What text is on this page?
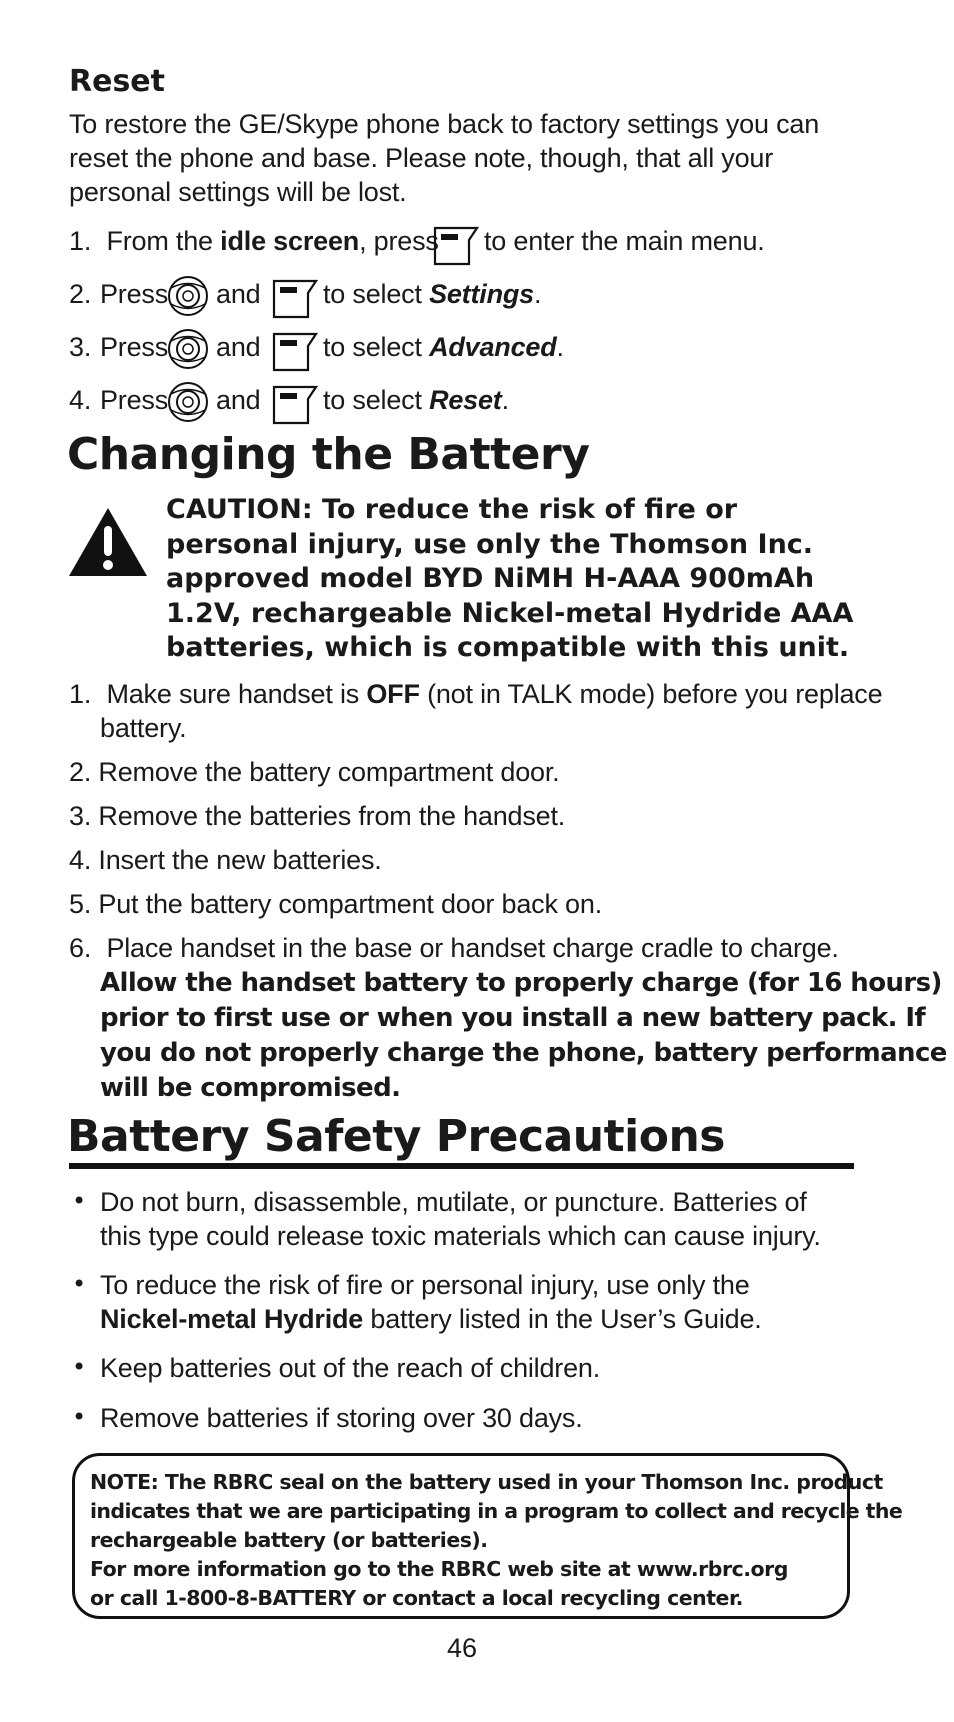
Reset
To restore the GE/Skype phone back to factory settings you can
reset the phone and base. Please note, though, that all your
personal settings will be lost.
1. From the idle screen, press to enter the main menu.
2. Press and to select Settings.
3. Press and to select Advanced.
4. Press and to select Reset.
Changing the Battery
CAUTION: To reduce the risk of fire or
personal injury, use only the Thomson Inc.
approved model BYD NiMH H-AAA 900mAh
1.2V, rechargeable Nickel-metal Hydride AAA
batteries, which is compatible with this unit.
1. Make sure handset is OFF (not in TALK mode) before you replace
battery.
2. Remove the battery compartment door.
3. Remove the batteries from the handset.
4. Insert the new batteries.
5. Put the battery compartment door back on.
6. Place handset in the base or handset charge cradle to charge.
Allow the handset battery to properly charge (for 16 hours)
prior to first use or when you install a new battery pack. If
you do not properly charge the phone, battery performance
will be compromised.
Battery Safety Precautions
• Do not burn, disassemble, mutilate, or puncture. Batteries of
this type could release toxic materials which can cause injury.
• To reduce the risk of fire or personal injury, use only the
Nickel-metal Hydride battery listed in the User’s Guide.
• Keep batteries out of the reach of children.
• Remove batteries if storing over 30 days.
NOTE: The RBRC seal on the battery used in your Thomson Inc. product
indicates that we are participating in a program to collect and recycle the
rechargeable battery (or batteries).
For more information go to the RBRC web site at www.rbrc.org
or call 1-800-8-BATTERY or contact a local recycling center.
46
